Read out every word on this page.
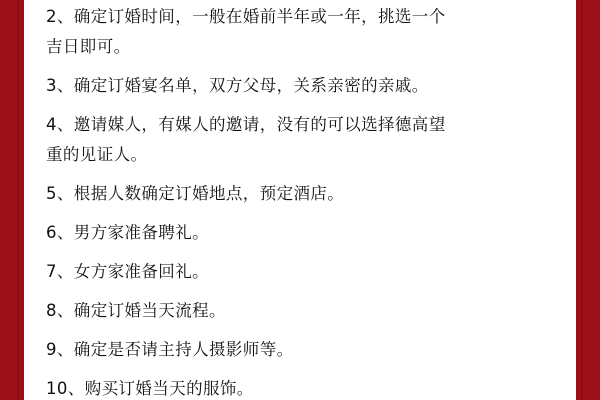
2、确定订婚时间，一般在婚前半年或一年，挑选一个
吉日即可。
3、确定订婚宴名单，双方父母，关系亲密的亲戚。
4、邀请媒人，有媒人的邀请，没有的可以选择德高望
重的见证人。
5、根据人数确定订婚地点，预定酒店。
6、男方家准备聘礼。
7、女方家准备回礼。
8、确定订婚当天流程。
9、确定是否请主持人摄影师等。
10、购买订婚当天的服饰。
